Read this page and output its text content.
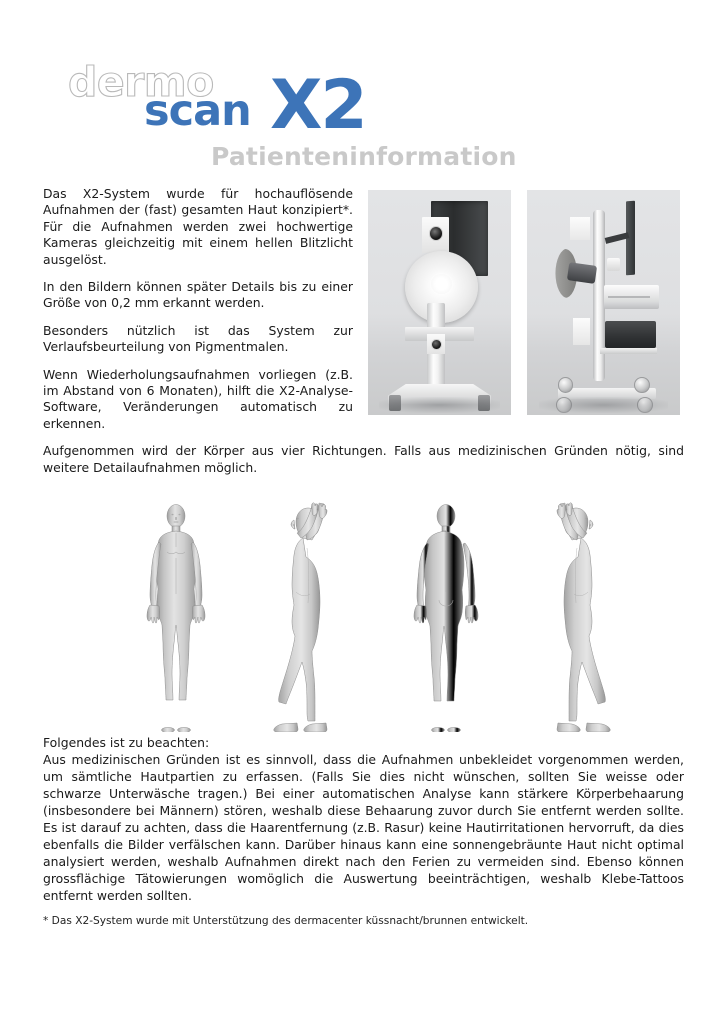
dermo
scan X2
Patienteninformation

Das X2-System wurde für hochauflösende Aufnahmen der (fast) gesamten Haut konzipiert*. Für die Aufnahmen werden zwei hochwertige Kameras gleichzeitig mit einem hellen Blitzlicht ausgelöst.

In den Bildern können später Details bis zu einer Größe von 0,2 mm erkannt werden.

Besonders nützlich ist das System zur Verlaufsbeurteilung von Pigmentmalen.

Wenn Wiederholungsaufnahmen vorliegen (z.B. im Abstand von 6 Monaten), hilft die X2-Analyse-Software, Veränderungen automatisch zu erkennen.

Aufgenommen wird der Körper aus vier Richtungen. Falls aus medizinischen Gründen nötig, sind weitere Detailaufnahmen möglich.

Folgendes ist zu beachten:

Aus medizinischen Gründen ist es sinnvoll, dass die Aufnahmen unbekleidet vorgenommen werden, um sämtliche Hautpartien zu erfassen. (Falls Sie dies nicht wünschen, sollten Sie weisse oder schwarze Unterwäsche tragen.) Bei einer automatischen Analyse kann stärkere Körperbehaarung (insbesondere bei Männern) stören, weshalb diese Behaarung zuvor durch Sie entfernt werden sollte. Es ist darauf zu achten, dass die Haarentfernung (z.B. Rasur) keine Hautirritationen hervorruft, da dies ebenfalls die Bilder verfälschen kann. Darüber hinaus kann eine sonnengebräunte Haut nicht optimal analysiert werden, weshalb Aufnahmen direkt nach den Ferien zu vermeiden sind. Ebenso können grossflächige Tätowierungen womöglich die Auswertung beeinträchtigen, weshalb Klebe-Tattoos entfernt werden sollten.

* Das X2-System wurde mit Unterstützung des dermacenter küssnacht/brunnen entwickelt.
